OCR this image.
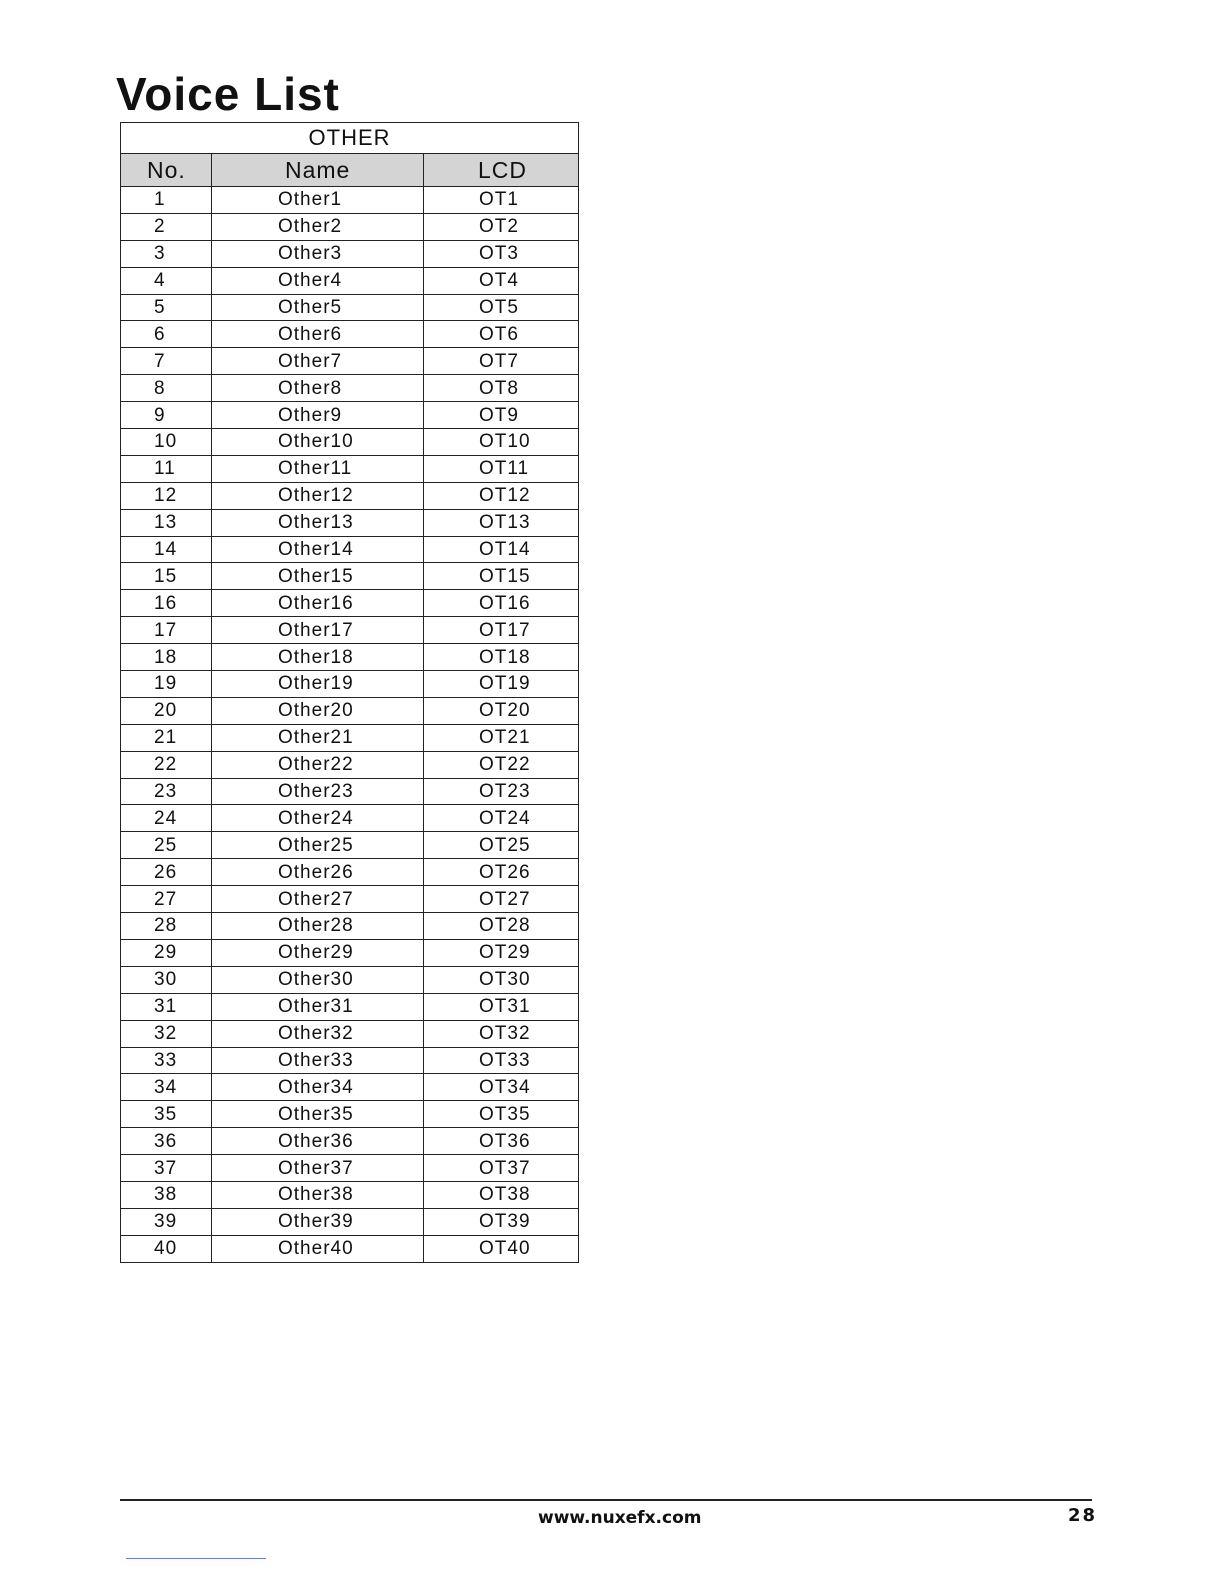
Voice List
OTHER		
No.	Name	LCD
1	Other1	OT1
2	Other2	OT2
3	Other3	OT3
4	Other4	OT4
5	Other5	OT5
6	Other6	OT6
7	Other7	OT7
8	Other8	OT8
9	Other9	OT9
10	Other10	OT10
11	Other11	OT11
12	Other12	OT12
13	Other13	OT13
14	Other14	OT14
15	Other15	OT15
16	Other16	OT16
17	Other17	OT17
18	Other18	OT18
19	Other19	OT19
20	Other20	OT20
21	Other21	OT21
22	Other22	OT22
23	Other23	OT23
24	Other24	OT24
25	Other25	OT25
26	Other26	OT26
27	Other27	OT27
28	Other28	OT28
29	Other29	OT29
30	Other30	OT30
31	Other31	OT31
32	Other32	OT32
33	Other33	OT33
34	Other34	OT34
35	Other35	OT35
36	Other36	OT36
37	Other37	OT37
38	Other38	OT38
39	Other39	OT39
40	Other40	OT40
www.nuxefx.com	28
